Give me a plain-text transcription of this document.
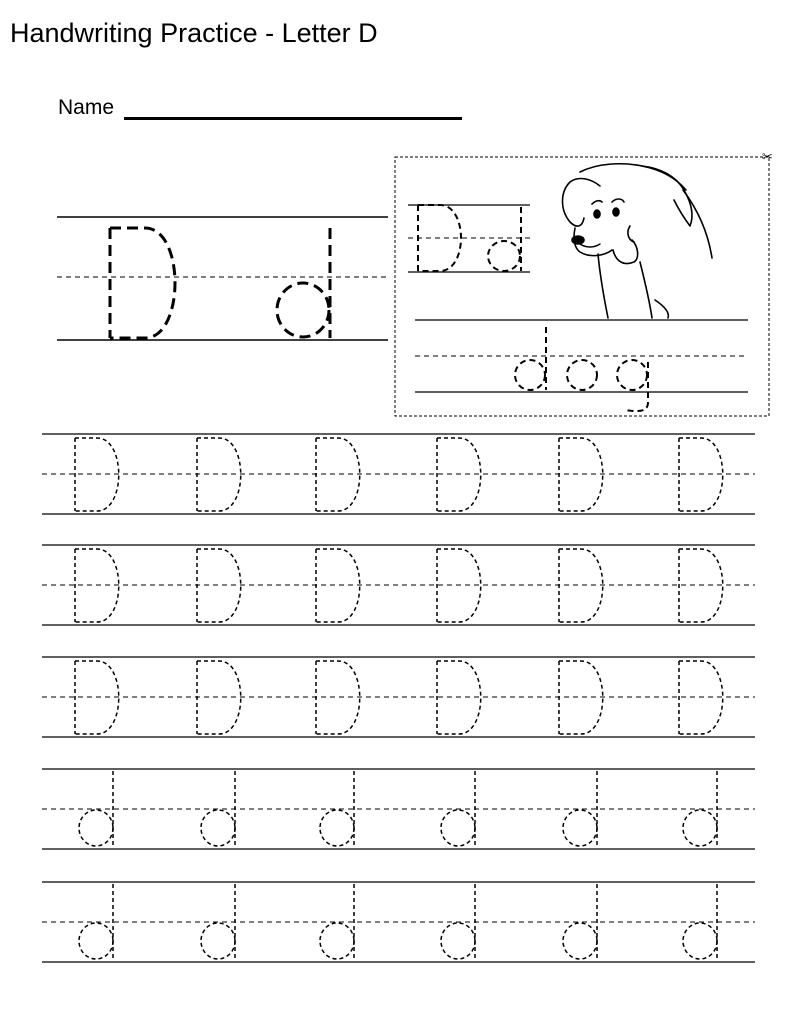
Handwriting Practice - Letter D
Name
✂
